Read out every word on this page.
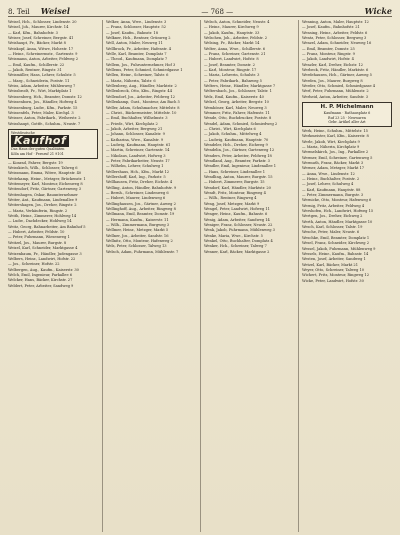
8. Teil Weisel	— 768 —	Wicke
Weisel, Hch., Schlosser, Lindenstr. 20
Weisel, Joh., Maurer, Kirchstr. 14
— Karl, Kfm., Bahnhofstr. 3
Weiser, Josef, Schreiner, Bergstr. 41
Weishaupt, Fr., Bäcker, Markt 8
Weiskopf, Anna, Witwe, Hohestr. 17
— Heinr., Schreinermstr., Gartenstr. 9
Weismann, Anton, Arbeiter, Feldweg 2
— Emil, Kaufm., Schillerstr. 22
— Jakob, Rentner, Ringstr. 31
Weismüller, Hans, Lehrer, Schulstr. 5
— Marg., Schneiderin, Poststr. 11
Weiss, Adam, Arbeiter, Mühlenweg 7
Weissbrodt, Fr., Wirt, Marktplatz 1
Weissenberg, Hch., Beamter, Domstr. 12
Weissenborn, Jos., Händler, Hofweg 4
Weissenburg, Ludw., Kfm., Parkstr. 15
Weissenfels, Peter, Maler, Kirchpl. 3
Weisser, Anton, Fabrikarb., Weiherstr. 2
Weisshaupt, Gottfr., Schuhm., Neustr. 7
Westdeutsche
Kaufhof
Das Haus der guten Qualitäten
Köln am Hof · Fernruf 21 9101
— Konrad, Fahrer, Bergstr. 19
Weisskirch, Wilh., Schlosser, Talweg 6
Weissmann, Emma, Witwe, Hauptstr. 40
Weitekamp, Heinr., Metzger, Brückenstr. 1
Weitemeyer, Karl, Monteur, Eichenweg 8
Weitendorf, Fritz, Gärtner, Gartenweg 3
Weitenhagen, Oskar, Bauunternehmer
Weiter, Ant., Kaufmann, Lindenallee 9
Weitershagen, Jos., Dreher, Ringstr. 2
— Maria, Verkäuferin, Ringstr. 2
Weith, Heinr., Zimmerer, Hohlweg 14
— Ludw., Dachdecker, Hohlweg 14
Weitz, Georg, Bahnarbeiter, Am Bahnhof 5
— Hubert, Arbeiter, Feldstr. 10
— Peter, Fuhrmann, Wiesenweg 1
Weitzel, Jos., Maurer, Burgstr. 8
Weizel, Karl, Schneider, Marktgasse 4
Weizenbaum, Fr., Händler, Judengasse 3
Welbers, Heinr., Landwirt, Hofstr. 22
— Jos., Schreiner, Hofstr. 22
Welbergen, Aug., Kaufm., Kaiserstr. 30
Welch, Emil, Ingenieur, Parkallee 6
Welcker, Hans, Bäcker, Kirchstr. 27
Weldert, Peter, Arbeiter, Sandweg 9
Welker, Anna, Wwe., Lindenstr. 3
— Franz, Schlosser, Hauptstr. 52
— Josef, Kaufm., Bahnstr. 18
Welkner, Hch., Rentner, Grünweg 2
Well, Anton, Maler, Neuweg 11
Wellbrock, Fr., Arbeiter, Hafenstr. 4
Welle, Karl, Beamter, Domplatz 7
— Theod., Kaufmann, Domplatz 7
Wellem, Jos., Fuhrunternehmer, Hof 3
Wellems, Peter, Schmied, Schmiedgasse 1
Wellen, Heinr., Schreiner, Talstr. 6
— Maria, Näherin, Talstr. 6
Wellenberg, Aug., Händler, Marktstr. 2
Wellenbrock, Otto, Kfm., Ringstr. 44
Wellendorf, Jos., Arbeiter, Feldweg 12
Wellenkamp, Gust., Monteur, Am Bach 5
Weller, Adam, Schuhmacher, Mittelstr. 8
— Christ., Bäckermeister, Mittelstr. 10
— Emil, Buchhalter, Wilhelmstr. 3
— Friedr., Wirt, Kirchplatz 2
— Jakob, Arbeiter, Bergweg 21
— Johann, Schlosser, Kanalstr. 9
— Katharina, Wwe., Kanalstr. 9
— Ludwig, Kaufmann, Hauptstr. 61
— Martin, Schreiner, Gartenstr. 14
— Nikolaus, Landwirt, Hofweg 3
— Peter, Fabrikarbeiter, Neustr. 17
— Wilhelm, Lehrer, Schulweg 1
Wellershaus, Hch., Kfm., Markt 12
Wellershoff, Karl, Ing., Parkstr. 5
Wellhausen, Fritz, Dreher, Eichstr. 4
Welling, Anton, Händler, Bahnhofstr. 9
— Bernh., Schreiner, Lindenweg 6
— Hubert, Maurer, Lindenweg 6
Wellinghausen, Jos., Gärtner, Auweg 2
Wellinghoff, Aug., Arbeiter, Ringweg 8
Wellmann, Emil, Beamter, Domstr. 19
— Hermann, Kaufm., Kaiserstr. 11
— Wilh., Zimmermann, Burgweg 3
Wellmer, Heinr., Metzger, Markt 5
Wellner, Jos., Arbeiter, Sandstr. 16
Wellnitz, Otto, Monteur, Hafenweg 2
Wels, Peter, Schlosser, Talweg 13
Welsch, Adam, Fuhrmann, Mühlenstr. 7
Welsch, Anton, Schneider, Neustr. 4
— Heinr., Maurer, Kirchweg 9
— Jakob, Kaufm., Hauptstr. 33
Welschen, Joh., Arbeiter, Feldstr. 2
Welsing, Fr., Bäcker, Markt 14
Welter, Anna, Wwe., Schillerstr. 6
— Franz, Schreiner, Gartenstr. 21
— Hubert, Landwirt, Hofstr. 8
— Josef, Beamter, Domstr. 2
— Karl, Monteur, Ringstr. 17
— Maria, Lehrerin, Schulstr. 3
— Peter, Fabrikarb., Bahnweg 5
Welters, Heinr., Händler, Marktgasse 7
Weltersbach, Jos., Schlosser, Talstr. 1
Welz, Emil, Kaufm., Kaiserstr. 40
Welzel, Georg, Arbeiter, Bergstr. 10
Wemhöner, Karl, Maler, Neuweg 3
Wemmer, Fritz, Fahrer, Hafenstr. 11
Wende, Otto, Buchdrucker, Poststr. 8
Wendel, Adam, Schmied, Schmiedweg 2
— Christ., Wirt, Kirchplatz 6
— Jakob, Schuhm., Mittelweg 4
— Ludwig, Kaufmann, Hauptstr. 70
Wendeler, Hch., Dreher, Eichweg 9
Wendelin, Jos., Gärtner, Gartenweg 12
Wenders, Peter, Arbeiter, Feldweg 18
Wendland, Aug., Beamter, Parkstr. 3
Wendler, Emil, Ingenieur, Lindenallee 1
— Hans, Schreiner, Lindenallee 1
Wendling, Anton, Maurer, Burgstr. 15
— Hubert, Zimmerer, Burgstr. 15
Wendorf, Karl, Händler, Marktstr. 20
Wendt, Fritz, Monteur, Ringweg 4
— Wilh., Rentner, Ringweg 4
Weng, Josef, Metzger, Markt 9
Wengel, Peter, Landwirt, Hofweg 11
Wenger, Heinr., Kaufm., Bahnstr. 6
Wenig, Adam, Arbeiter, Sandweg 14
Weniger, Franz, Schlosser, Neustr. 22
Wenk, Jakob, Fuhrmann, Mühlenweg 3
Wenke, Maria, Wwe., Kirchstr. 5
Wenkel, Otto, Buchhalter, Domplatz 4
Wenker, Hch., Schreiner, Talweg 7
Wenner, Karl, Bäcker, Marktgasse 2
Wenning, Anton, Maler, Hauptstr. 12
— Josef, Kaufm., Bahnhofstr. 21
Wensing, Heinr., Arbeiter, Feldstr. 6
Wentz, Peter, Schlosser, Bergweg 3
Wenzel, Adam, Schneider, Neuweg 16
— Emil, Beamter, Domstr. 25
— Franz, Monteur, Ringstr. 9
— Jakob, Landwirt, Hofstr. 4
Wenzler, Karl, Dreher, Eichstr. 12
Werbeck, Fritz, Händler, Marktstr. 6
Werdehausen, Hch., Gärtner, Auweg 5
Werden, Jos., Maurer, Burgweg 8
Werder, Otto, Schmied, Schmiedgasse 4
Werf, Peter, Fuhrmann, Mühlenstr. 2
Werheid, Anton, Arbeiter, Sandstr. 3
H. P. Michelmann
Kaufmann · Rathausplatz 6
Ruf 23 25 · Neuwaren
Gebr. Artikel aller Art
Werk, Heinr., Schuhm., Mittelstr. 15
Werkmeister, Karl, Kfm., Kaiserstr. 8
Werle, Jakob, Wirt, Kirchplatz 9
— Maria, Näherin, Kirchplatz 9
Wermelskirch, Jos., Ing., Parkallee 2
Wermer, Emil, Schreiner, Gartenweg 5
Wermuth, Franz, Bäcker, Markt 3
Werner, Adam, Metzger, Markt 17
— Anna, Wwe., Lindenstr. 12
— Heinr., Buchhalter, Poststr. 2
— Josef, Lehrer, Schulweg 4
— Karl, Kaufmann, Hauptstr. 88
— Peter, Zimmermann, Burgstr. 3
Wernicke, Otto, Monteur, Hafenweg 6
Wernig, Fritz, Arbeiter, Feldweg 4
Wershofen, Hch., Landwirt, Hofweg 15
Wertgen, Jos., Dreher, Eichweg 2
Werth, Anton, Händler, Marktgasse 10
Wesch, Karl, Schlosser, Talstr. 19
Wesche, Peter, Maler, Neustr. 6
Weschke, Emil, Beamter, Domplatz 1
Wesel, Franz, Schneider, Kirchweg 2
Wessel, Jakob, Fuhrmann, Mühlenweg 9
Wessels, Heinr., Kaufm., Bahnstr. 14
Westen, Josef, Arbeiter, Sandweg 1
Wetzel, Karl, Bäcker, Markt 21
Weyer, Otto, Schreiner, Talweg 10
Wichert, Fritz, Monteur, Ringweg 12
Wicke, Peter, Landwirt, Hofstr. 30
